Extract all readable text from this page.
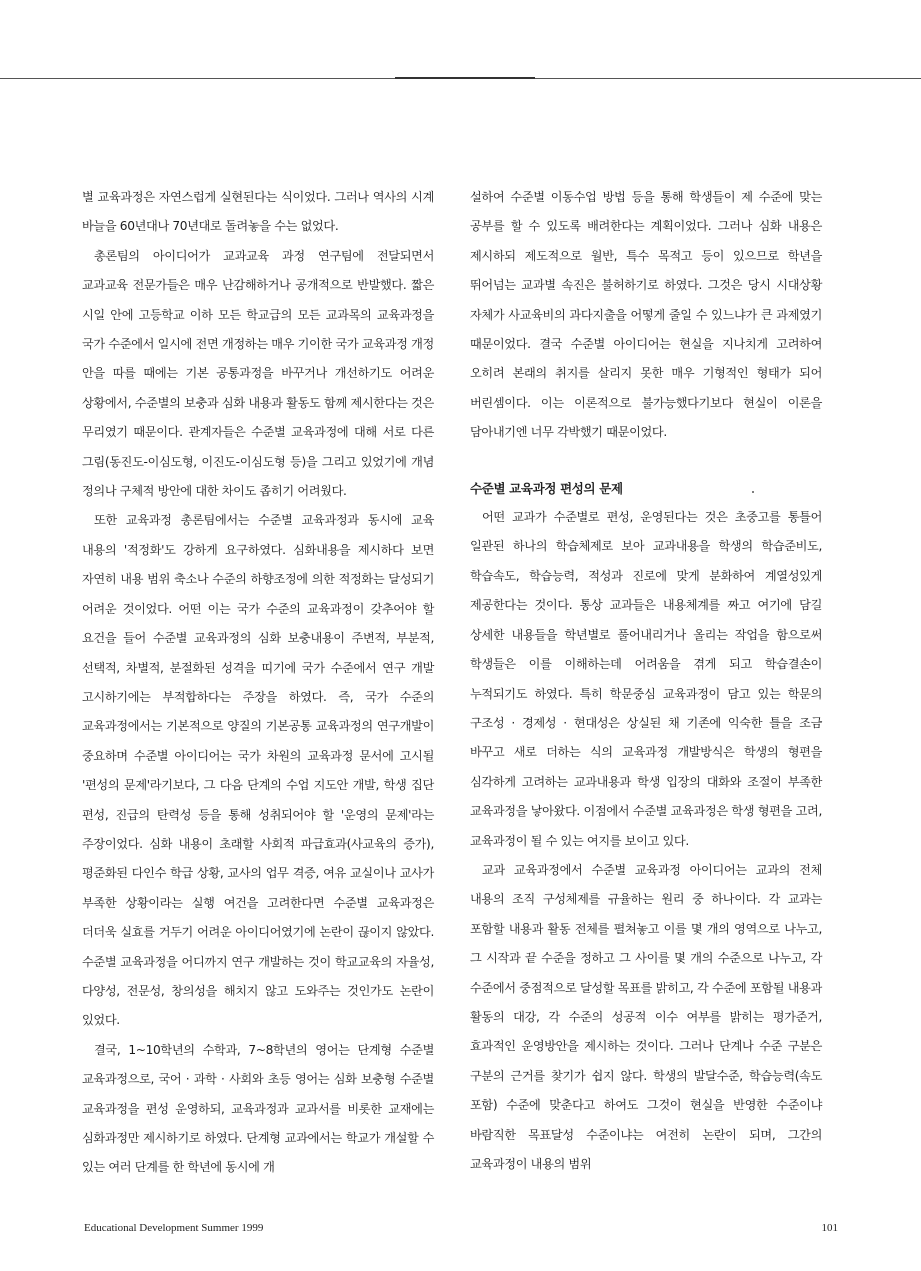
별 교육과정은 자연스럽게 실현된다는 식이었다. 그러나 역사의 시계 바늘을 60년대나 70년대로 돌려놓을 수는 없었다.

총론팀의 아이디어가 교과교육 과정 연구팀에 전달되면서 교과교육 전문가들은 매우 난감해하거나 공개적으로 반발했다. 짧은 시일 안에 고등학교 이하 모든 학교급의 모든 교과목의 교육과정을 국가 수준에서 일시에 전면 개정하는 매우 기이한 국가 교육과정 개정 안을 따를 때에는 기본 공통과정을 바꾸거나 개선하기도 어려운 상황에서, 수준별의 보충과 심화 내용과 활동도 함께 제시한다는 것은 무리였기 때문이다. 관계자들은 수준별 교육과정에 대해 서로 다른 그림(동진도-이심도형, 이진도-이심도형 등)을 그리고 있었기에 개념 정의나 구체적 방안에 대한 차이도 좁히기 어려웠다.

또한 교육과정 총론팀에서는 수준별 교육과정과 동시에 교육 내용의 '적정화'도 강하게 요구하였다. 심화내용을 제시하다 보면 자연히 내용 범위 축소나 수준의 하향조정에 의한 적정화는 달성되기 어려운 것이었다. 어떤 이는 국가 수준의 교육과정이 갖추어야 할 요건을 들어 수준별 교육과정의 심화 보충내용이 주변적, 부분적, 선택적, 차별적, 분절화된 성격을 띠기에 국가 수준에서 연구 개발 고시하기에는 부적합하다는 주장을 하였다. 즉, 국가 수준의 교육과정에서는 기본적으로 양질의 기본공통 교육과정의 연구개발이 중요하며 수준별 아이디어는 국가 차원의 교육과정 문서에 고시될 '편성의 문제'라기보다, 그 다음 단계의 수업 지도안 개발, 학생 집단 편성, 진급의 탄력성 등을 통해 성취되어야 할 '운영의 문제'라는 주장이었다. 심화 내용이 초래할 사회적 파급효과(사교육의 증가), 평준화된 다인수 학급 상황, 교사의 업무 격증, 여유 교실이나 교사가 부족한 상황이라는 실행 여건을 고려한다면 수준별 교육과정은 더더욱 실효를 거두기 어려운 아이디어였기에 논란이 끊이지 않았다. 수준별 교육과정을 어디까지 연구 개발하는 것이 학교교육의 자율성, 다양성, 전문성, 창의성을 해치지 않고 도와주는 것인가도 논란이 있었다.

결국, 1~10학년의 수학과, 7~8학년의 영어는 단계형 수준별 교육과정으로, 국어 · 과학 · 사회와 초등 영어는 심화 보충형 수준별 교육과정을 편성 운영하되, 교육과정과 교과서를 비롯한 교재에는 심화과정만 제시하기로 하였다. 단계형 교과에서는 학교가 개설할 수 있는 여러 단계를 한 학년에 동시에 개

설하여 수준별 이동수업 방법 등을 통해 학생들이 제 수준에 맞는 공부를 할 수 있도록 배려한다는 계획이었다. 그러나 심화 내용은 제시하되 제도적으로 월반, 특수 목적고 등이 있으므로 학년을 뛰어넘는 교과별 속진은 불허하기로 하였다. 그것은 당시 시대상황 자체가 사교육비의 과다지출을 어떻게 줄일 수 있느냐가 큰 과제였기 때문이었다. 결국 수준별 아이디어는 현실을 지나치게 고려하여 오히려 본래의 취지를 살리지 못한 매우 기형적인 형태가 되어 버린셈이다. 이는 이론적으로 불가능했다기보다 현실이 이론을 담아내기엔 너무 각박했기 때문이었다.

수준별 교육과정 편성의 문제

어떤 교과가 수준별로 편성, 운영된다는 것은 초중고를 통틀어 일관된 하나의 학습체제로 보아 교과내용을 학생의 학습준비도, 학습속도, 학습능력, 적성과 진로에 맞게 분화하여 계열성있게 제공한다는 것이다. 통상 교과들은 내용체계를 짜고 여기에 담길 상세한 내용들을 학년별로 풀어내리거나 올리는 작업을 함으로써 학생들은 이를 이해하는데 어려움을 겪게 되고 학습결손이 누적되기도 하였다. 특히 학문중심 교육과정이 담고 있는 학문의 구조성 · 경제성 · 현대성은 상실된 채 기존에 익숙한 틀을 조금 바꾸고 새로 더하는 식의 교육과정 개발방식은 학생의 형편을 심각하게 고려하는 교과내용과 학생 입장의 대화와 조절이 부족한 교육과정을 낳아왔다. 이점에서 수준별 교육과정은 학생 형편을 고려, 교육과정이 될 수 있는 여지를 보이고 있다.

교과 교육과정에서 수준별 교육과정 아이디어는 교과의 전체 내용의 조직 구성체제를 규율하는 원리 중 하나이다. 각 교과는 포함할 내용과 활동 전체를 펼쳐놓고 이를 몇 개의 영역으로 나누고, 그 시작과 끝 수준을 정하고 그 사이를 몇 개의 수준으로 나누고, 각 수준에서 중점적으로 달성할 목표를 밝히고, 각 수준에 포함될 내용과 활동의 대강, 각 수준의 성공적 이수 여부를 밝히는 평가준거, 효과적인 운영방안을 제시하는 것이다. 그러나 단계나 수준 구분은 구분의 근거를 찾기가 쉽지 않다. 학생의 발달수준, 학습능력(속도 포함) 수준에 맞춘다고 하여도 그것이 현실을 반영한 수준이냐 바람직한 목표달성 수준이냐는 여전히 논란이 되며, 그간의 교육과정이 내용의 범위

Educational Development Summer 1999	101
